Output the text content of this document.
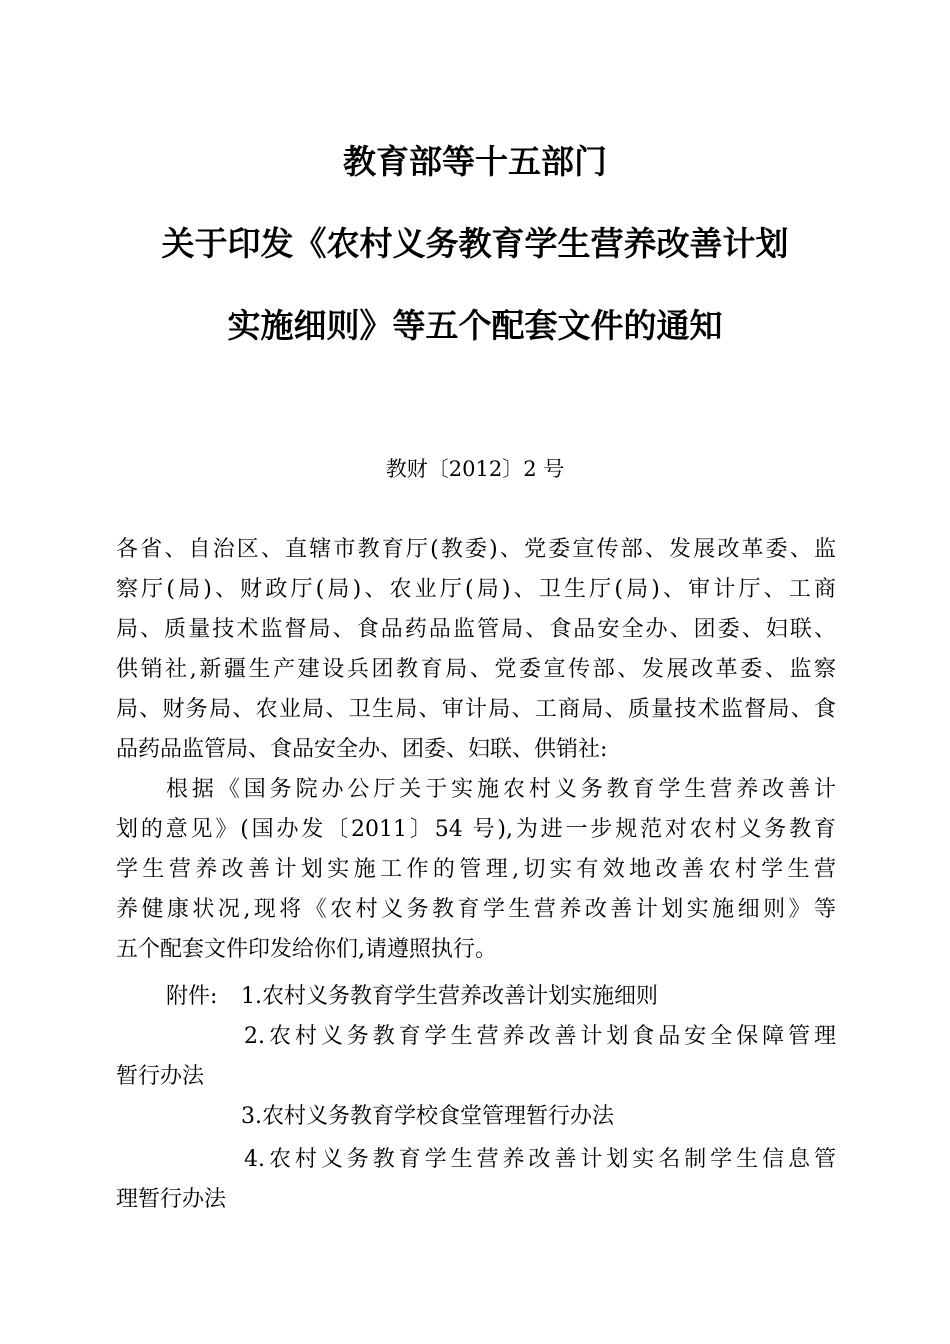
教育部等十五部门
关于印发《农村义务教育学生营养改善计划
实施细则》等五个配套文件的通知
教财〔2012〕2 号
各省、自治区、直辖市教育厅(教委)、党委宣传部、发展改革委、监
察厅(局)、财政厅(局)、农业厅(局)、卫生厅(局)、审计厅、工商
局、质量技术监督局、食品药品监管局、食品安全办、团委、妇联、
供销社,新疆生产建设兵团教育局、党委宣传部、发展改革委、监察
局、财务局、农业局、卫生局、审计局、工商局、质量技术监督局、食
品药品监管局、食品安全办、团委、妇联、供销社:
根据《国务院办公厅关于实施农村义务教育学生营养改善计
划的意见》(国办发〔2011〕54 号),为进一步规范对农村义务教育
学生营养改善计划实施工作的管理,切实有效地改善农村学生营
养健康状况,现将《农村义务教育学生营养改善计划实施细则》等
五个配套文件印发给你们,请遵照执行。
附件: 1.农村义务教育学生营养改善计划实施细则
2.农村义务教育学生营养改善计划食品安全保障管理
暂行办法
3.农村义务教育学校食堂管理暂行办法
4.农村义务教育学生营养改善计划实名制学生信息管
理暂行办法
